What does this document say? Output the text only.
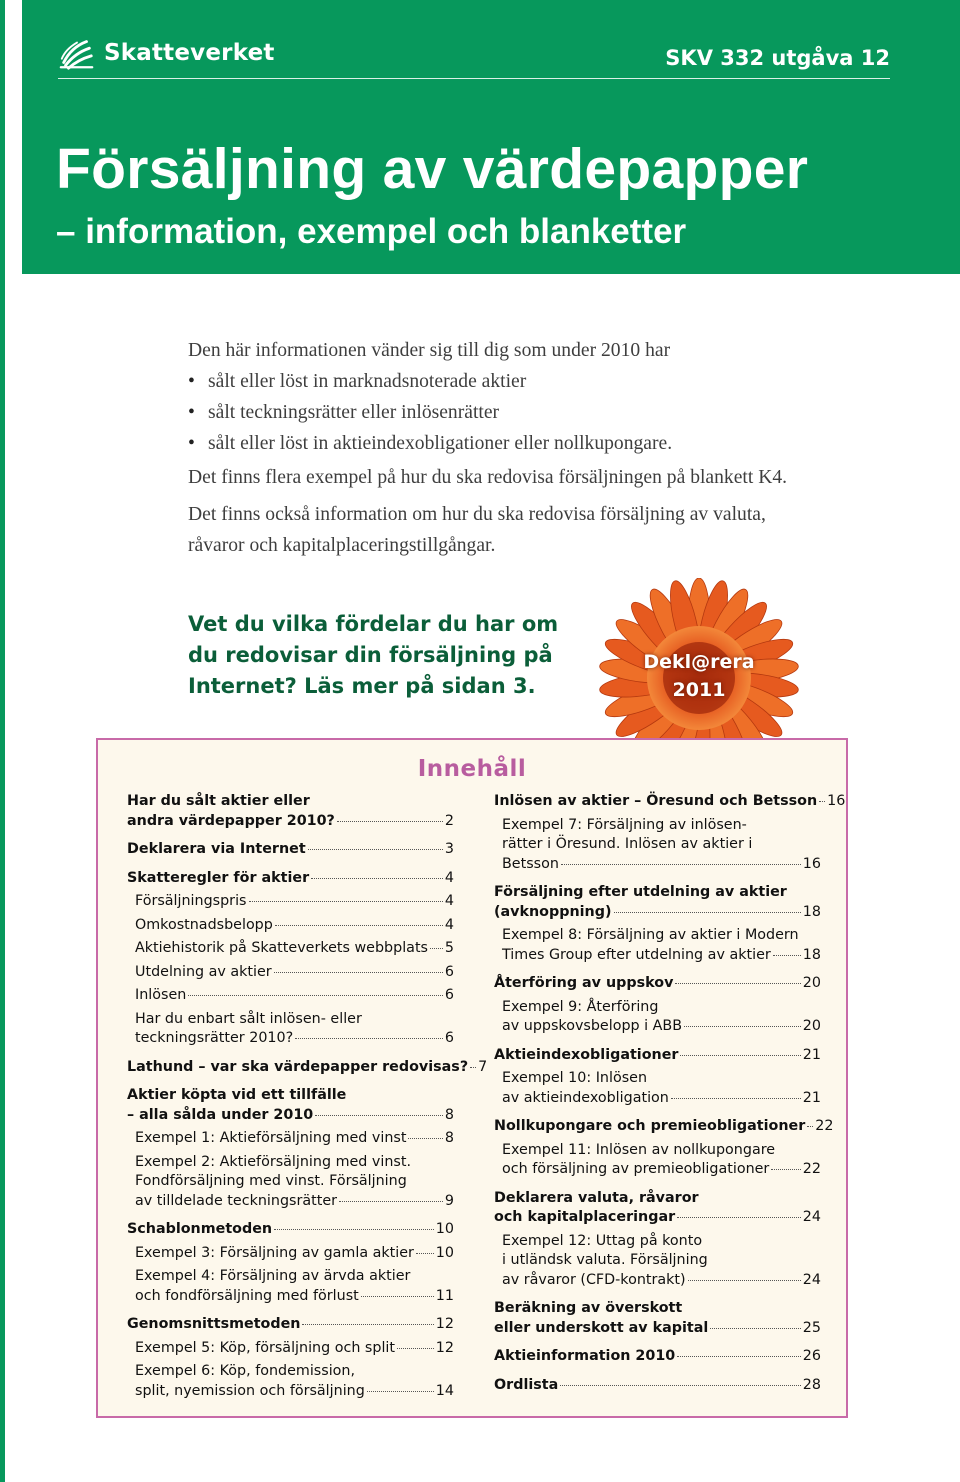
Skatteverket	SKV 332 utgåva 12
Försäljning av värdepapper
– information, exempel och blanketter

Den här informationen vänder sig till dig som under 2010 har

• sålt eller löst in marknadsnoterade aktier
• sålt teckningsrätter eller inlösenrätter
• sålt eller löst in aktieindexobligationer eller nollkupongare.

Det finns flera exempel på hur du ska redovisa försäljningen på blankett K4.

Det finns också information om hur du ska redovisa försäljning av valuta, råvaror och kapitalplaceringstillgångar.

Vet du vilka fördelar du har om du redovisar din försäljning på Internet? Läs mer på sidan 3.

Dekl@rera
2011
Innehåll
Har du sålt aktier eller
andra värdepapper 2010?	2
Deklarera via Internet	3
Skatteregler för aktier	4
Försäljningspris	4
Omkostnadsbelopp	4
Aktiehistorik på Skatteverkets webbplats 5
Utdelning av aktier	6
Inlösen	6
Har du enbart sålt inlösen- eller
teckningsrätter 2010?	6
Lathund – var ska värdepapper redovisas? 7
Aktier köpta vid ett tillfälle
– alla sålda under 2010	8
Exempel 1: Aktieförsäljning med vinst	8
Exempel 2: Aktieförsäljning med vinst.
Fondförsäljning med vinst. Försäljning
av tilldelade teckningsrätter	9
Schablonmetoden	10
Exempel 3: Försäljning av gamla aktier 10
Exempel 4: Försäljning av ärvda aktier
och fondförsäljning med förlust	11
Genomsnittsmetoden	12
Exempel 5: Köp, försäljning och split	12
Exempel 6: Köp, fondemission,
split, nyemission och försäljning	14
Inlösen av aktier – Öresund och Betsson 16
Exempel 7: Försäljning av inlösen-
rätter i Öresund. Inlösen av aktier i
Betsson	16
Försäljning efter utdelning av aktier
(avknoppning)	18
Exempel 8: Försäljning av aktier i Modern
Times Group efter utdelning av aktier 18
Återföring av uppskov	20
Exempel 9: Återföring
av uppskovsbelopp i ABB	20
Aktieindexobligationer	21
Exempel 10: Inlösen
av aktieindexobligation	21
Nollkupongare och premieobligationer 22
Exempel 11: Inlösen av nollkupongare
och försäljning av premieobligationer 22
Deklarera valuta, råvaror
och kapitalplaceringar	24
Exempel 12: Uttag på konto
i utländsk valuta. Försäljning
av råvaror (CFD-kontrakt)	24
Beräkning av överskott
eller underskott av kapital	25
Aktieinformation 2010	26
Ordlista	28
